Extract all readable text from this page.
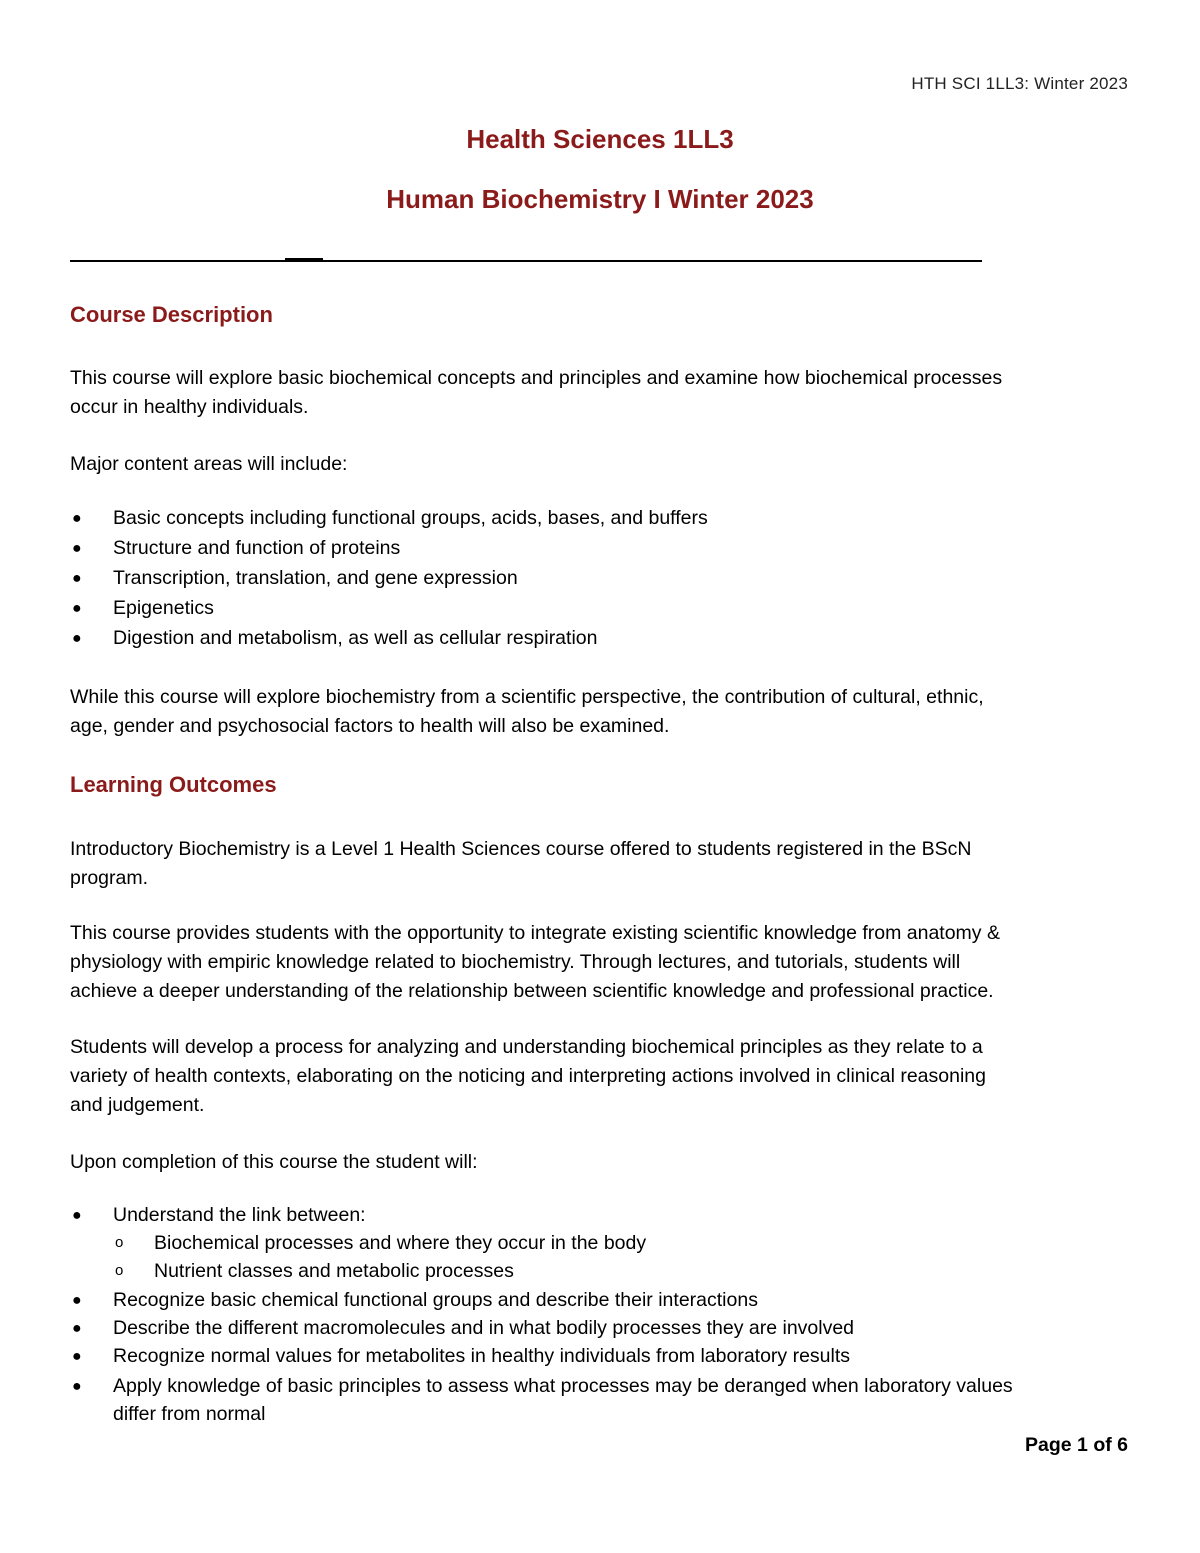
HTH SCI 1LL3: Winter 2023
Health Sciences 1LL3
Human Biochemistry I Winter 2023
Course Description
This course will explore basic biochemical concepts and principles and examine how biochemical processes
occur in healthy individuals.
Major content areas will include:
● Basic concepts including functional groups, acids, bases, and buffers
● Structure and function of proteins
● Transcription, translation, and gene expression
● Epigenetics
● Digestion and metabolism, as well as cellular respiration
While this course will explore biochemistry from a scientific perspective, the contribution of cultural, ethnic,
age, gender and psychosocial factors to health will also be examined.
Learning Outcomes
Introductory Biochemistry is a Level 1 Health Sciences course offered to students registered in the BScN
program.
This course provides students with the opportunity to integrate existing scientific knowledge from anatomy &
physiology with empiric knowledge related to biochemistry. Through lectures, and tutorials, students will
achieve a deeper understanding of the relationship between scientific knowledge and professional practice.
Students will develop a process for analyzing and understanding biochemical principles as they relate to a
variety of health contexts, elaborating on the noticing and interpreting actions involved in clinical reasoning
and judgement.
Upon completion of this course the student will:
● Understand the link between:
o Biochemical processes and where they occur in the body
o Nutrient classes and metabolic processes
● Recognize basic chemical functional groups and describe their interactions
● Describe the different macromolecules and in what bodily processes they are involved
● Recognize normal values for metabolites in healthy individuals from laboratory results
● Apply knowledge of basic principles to assess what processes may be deranged when laboratory values
differ from normal
Page 1 of 6
